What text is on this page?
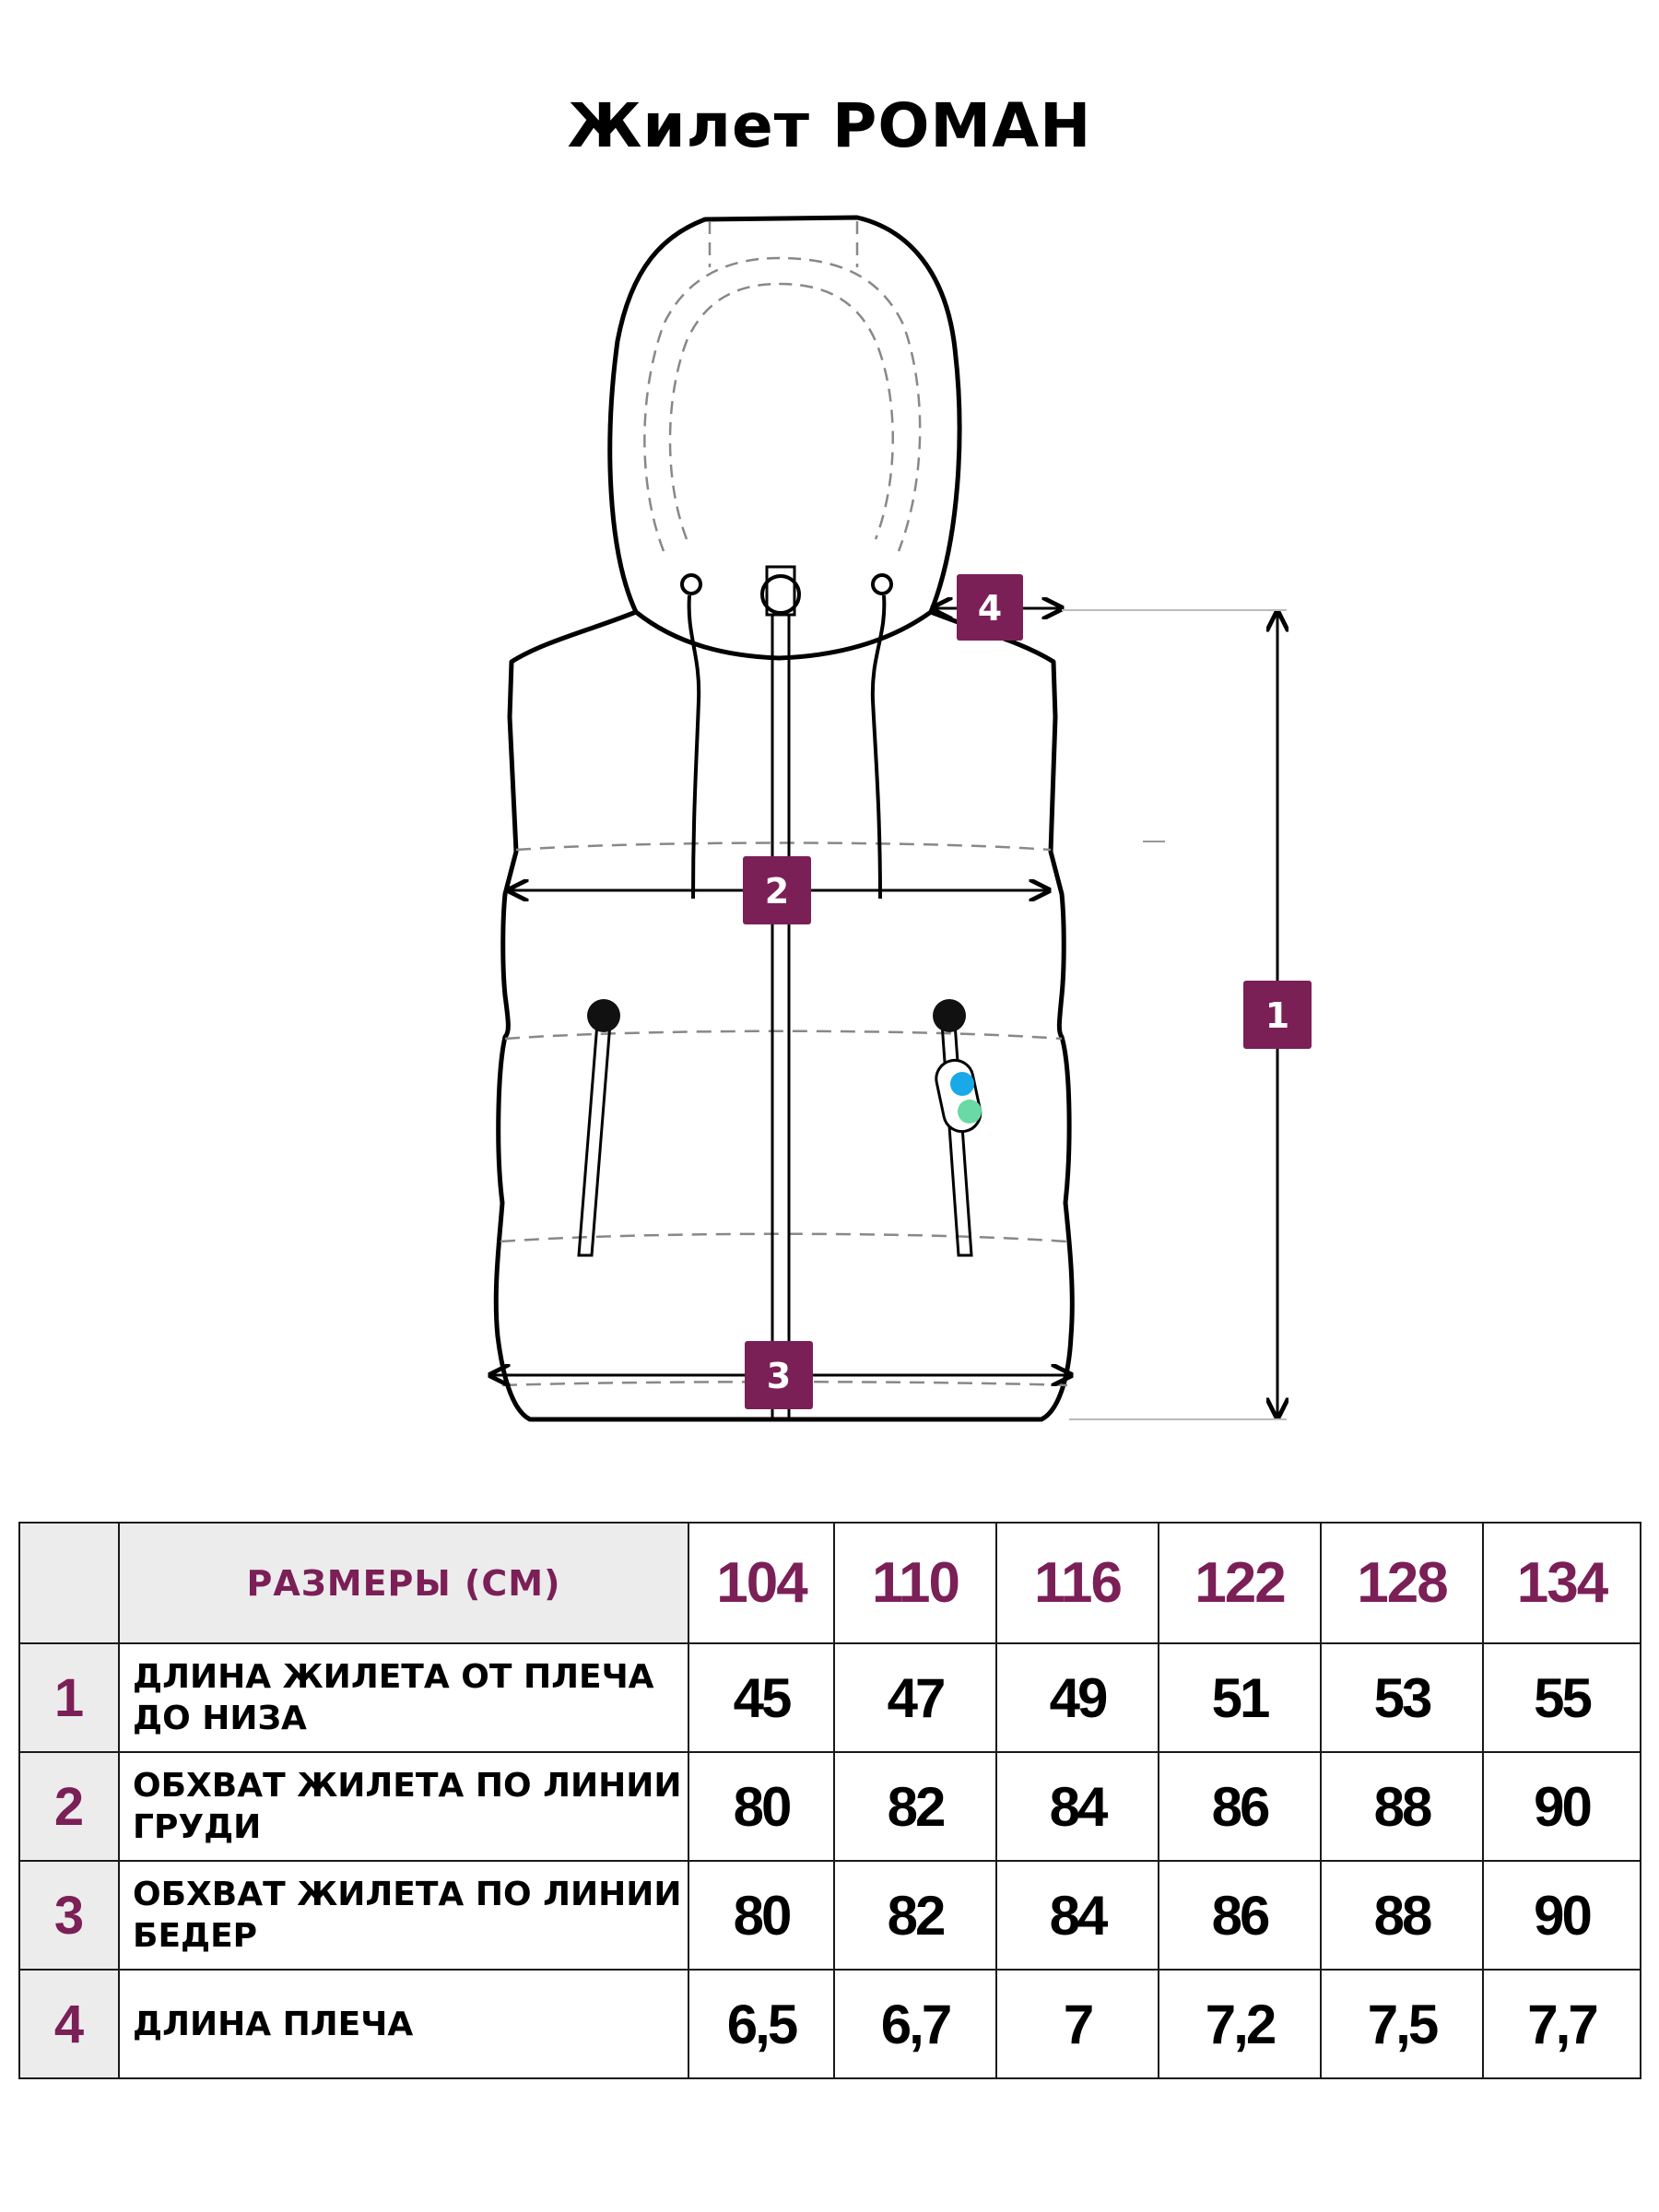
Жилет РОМАН
4
2
3
1
	РАЗМЕРЫ (СМ)	104	110	116	122	128	134
1	ДЛИНА ЖИЛЕТА ОТ ПЛЕЧА
ДО НИЗА	45	47	49	51	53	55
2	ОБХВАТ ЖИЛЕТА ПО ЛИНИИ
ГРУДИ	80	82	84	86	88	90
3	ОБХВАТ ЖИЛЕТА ПО ЛИНИИ
БЕДЕР	80	82	84	86	88	90
4	ДЛИНА ПЛЕЧА	6,5	6,7	7	7,2	7,5	7,7
